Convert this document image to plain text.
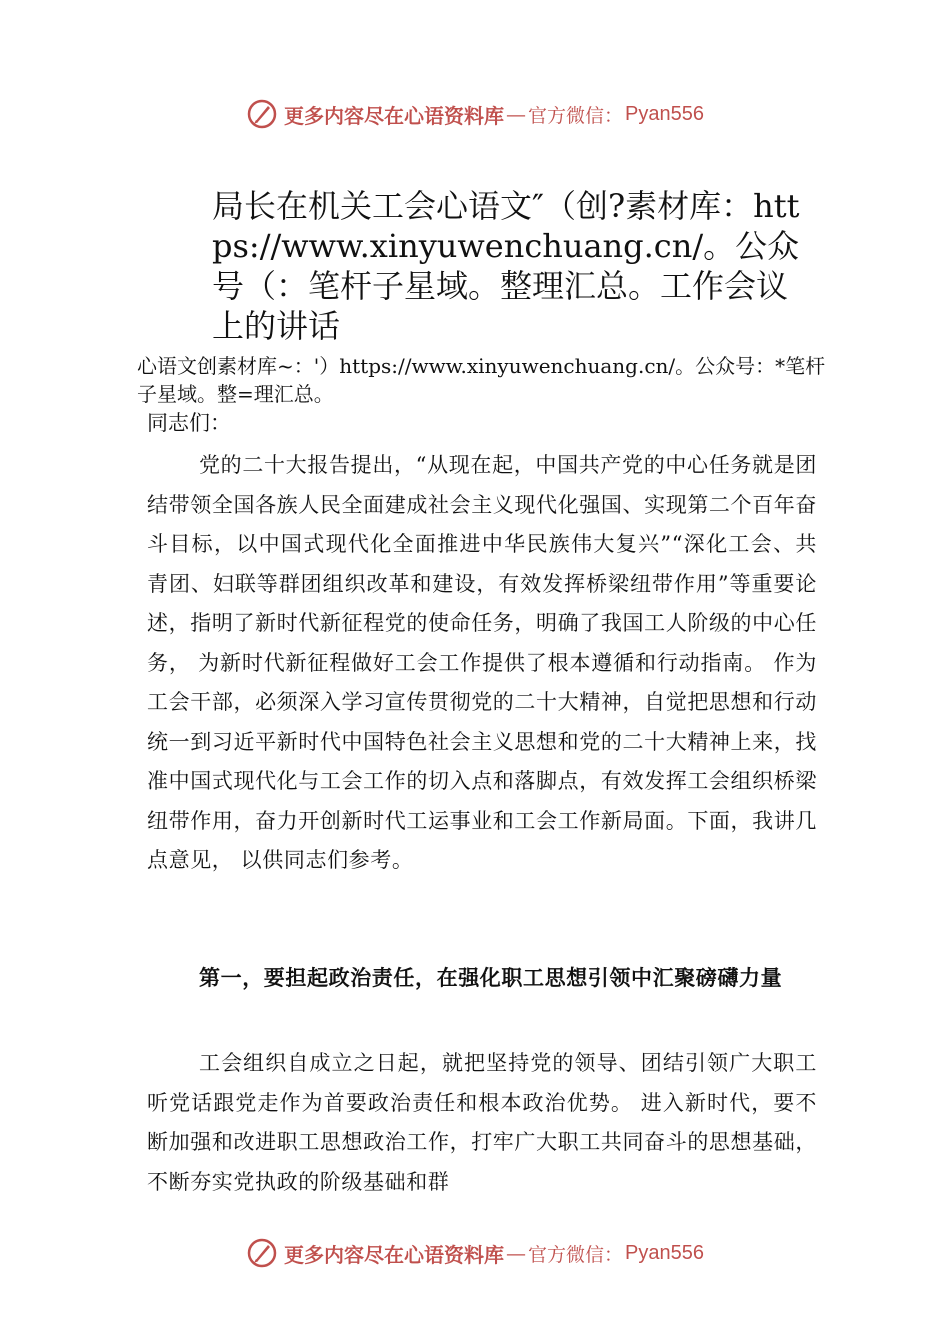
更多内容尽在心语资料库 — 官方微信： Pyan556
局长在机关工会心语文″（创?素材库：https://www.xinyuwenchuang.cn/。公众号（：笔杆子星域。整理汇总。工作会议上的讲话
心语文创素材库~：'）https://www.xinyuwenchuang.cn/。公众号：*笔杆子星域。整=理汇总。
同志们：

党的二十大报告提出，“从现在起，中国共产党的中心任务就是团结带领全国各族人民全面建成社会主义现代化强国、实现第二个百年奋斗目标，以中国式现代化全面推进中华民族伟大复兴”“深化工会、共青团、妇联等群团组织改革和建设，有效发挥桥梁纽带作用”等重要论述，指明了新时代新征程党的使命任务，明确了我国工人阶级的中心任务， 为新时代新征程做好工会工作提供了根本遵循和行动指南。 作为工会干部，必须深入学习宣传贯彻党的二十大精神，自觉把思想和行动统一到习近平新时代中国特色社会主义思想和党的二十大精神上来，找准中国式现代化与工会工作的切入点和落脚点，有效发挥工会组织桥梁纽带作用，奋力开创新时代工运事业和工会工作新局面。下面，我讲几点意见， 以供同志们参考。

第一，要担起政治责任，在强化职工思想引领中汇聚磅礴力量

工会组织自成立之日起，就把坚持党的领导、团结引领广大职工听党话跟党走作为首要政治责任和根本政治优势。 进入新时代，要不断加强和改进职工思想政治工作，打牢广大职工共同奋斗的思想基础，不断夯实党执政的阶级基础和群

更多内容尽在心语资料库 — 官方微信： Pyan556
